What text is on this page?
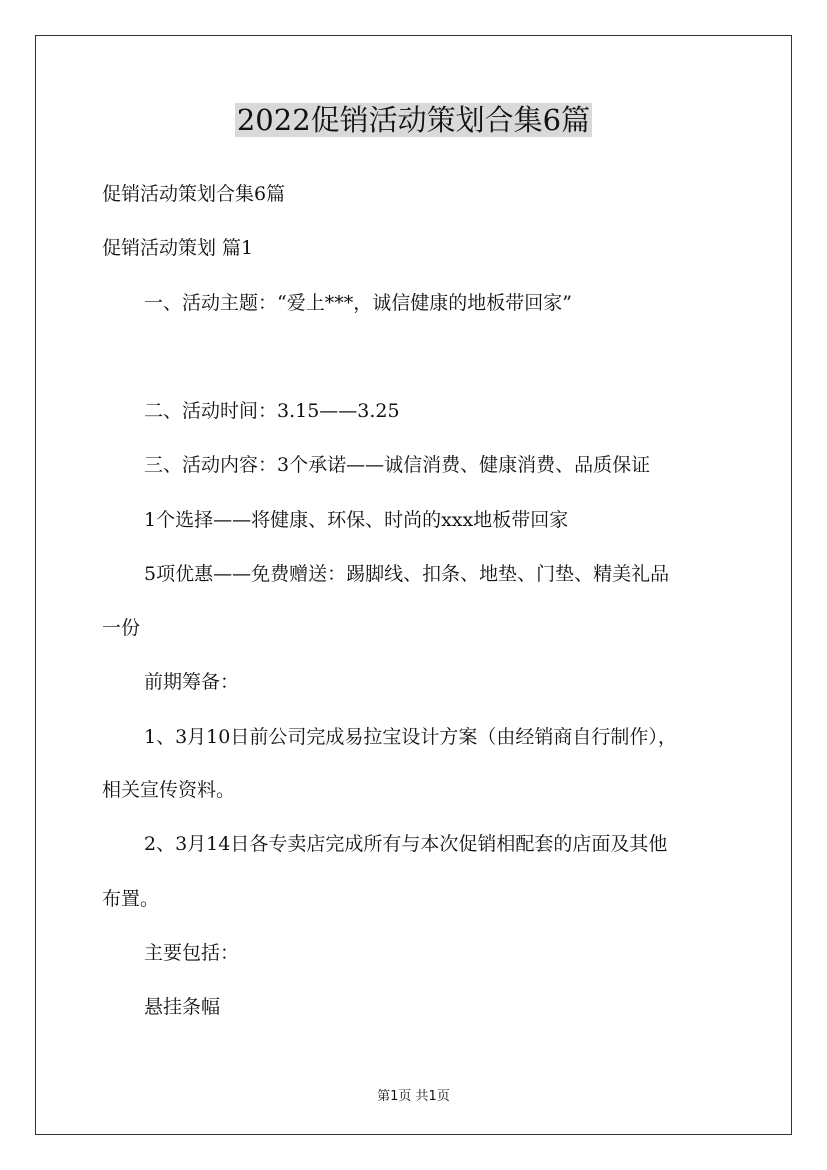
2022促销活动策划合集6篇
促销活动策划合集6篇
促销活动策划 篇1
一、活动主题：“爱上***，诚信健康的地板带回家”
二、活动时间：3.15——3.25
三、活动内容：3个承诺——诚信消费、健康消费、品质保证
1个选择——将健康、环保、时尚的xxx地板带回家
5项优惠——免费赠送：踢脚线、扣条、地垫、门垫、精美礼品
一份
前期筹备：
1、3月10日前公司完成易拉宝设计方案（由经销商自行制作），
相关宣传资料。
2、3月14日各专卖店完成所有与本次促销相配套的店面及其他
布置。
主要包括：
悬挂条幅
第1页 共1页
